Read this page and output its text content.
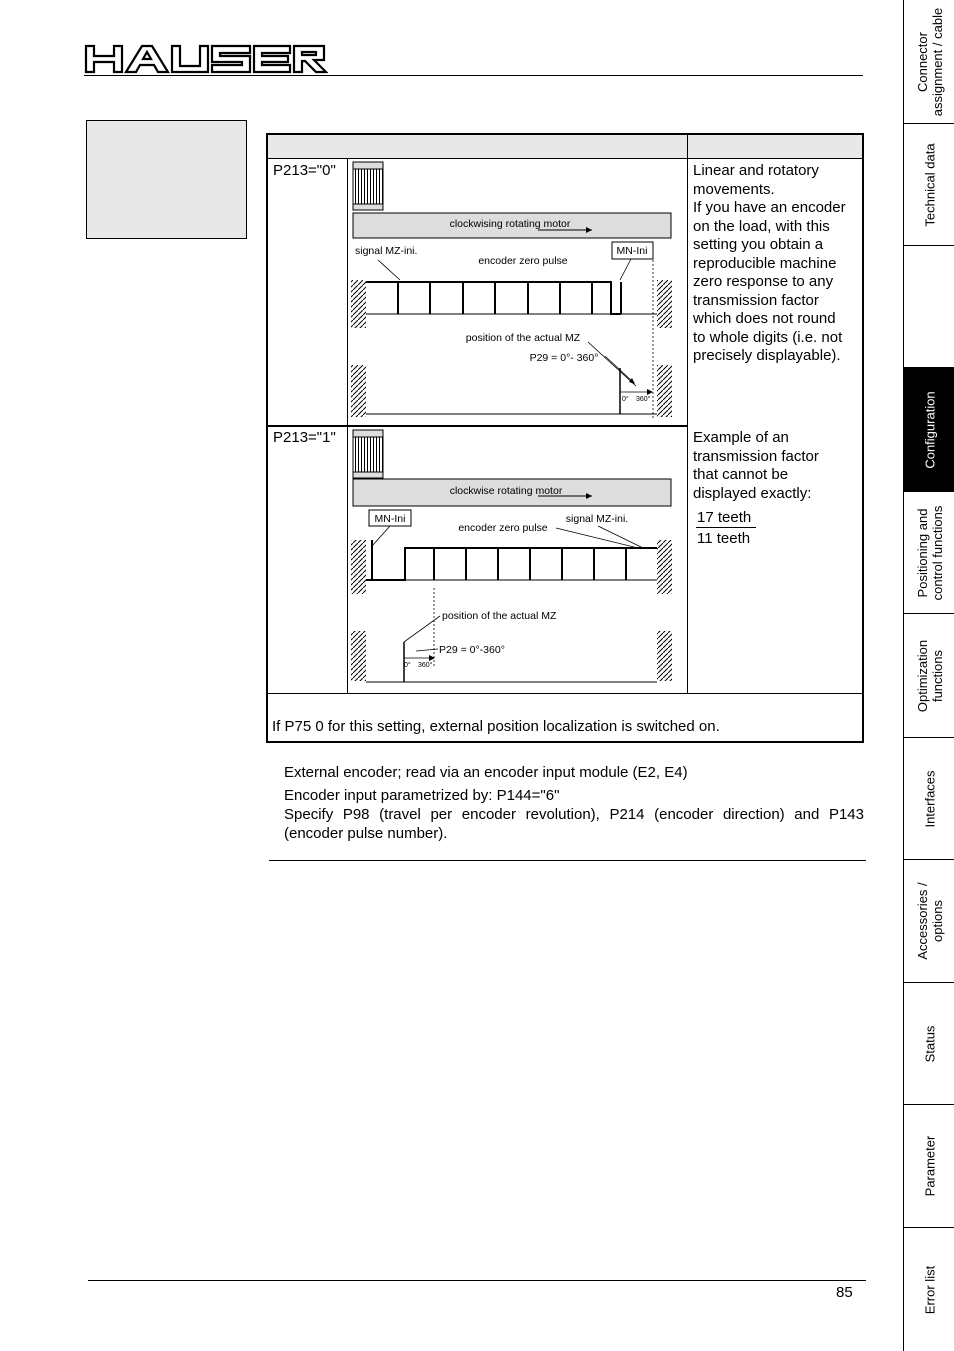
Connector
assignment / cable
Technical data
Configuration
Positioning and
control functions
Optimization
functions
Interfaces
Accessories /
options
Status
Parameter
Error list
P213="0"	Linear and rotatory
movements.
If you have an encoder
on the load, with this
setting you obtain a
reproducible machine
zero response to any
transmission factor
which does not round
to whole digits (i.e. not
precisely displayable).
clockwising rotating motor
signal MZ-ini.	MN-Ini
encoder zero pulse
position of the actual MZ
P29 = 0°- 360°
0° 360°
P213="1"	Example of an
transmission factor
that cannot be
displayed exactly:
17 teeth
11 teeth
clockwise rotating motor
MN-Ini
encoder zero pulse
signal MZ-ini.
position of the actual MZ
P29 = 0°-360°
0° 360°
If P75 0 for this setting, external position localization is switched on.
External encoder; read via an encoder input module (E2, E4)
Encoder input parametrized by: P144="6"
Specify P98 (travel per encoder revolution), P214 (encoder direction) and P143 (encoder pulse number).
85
